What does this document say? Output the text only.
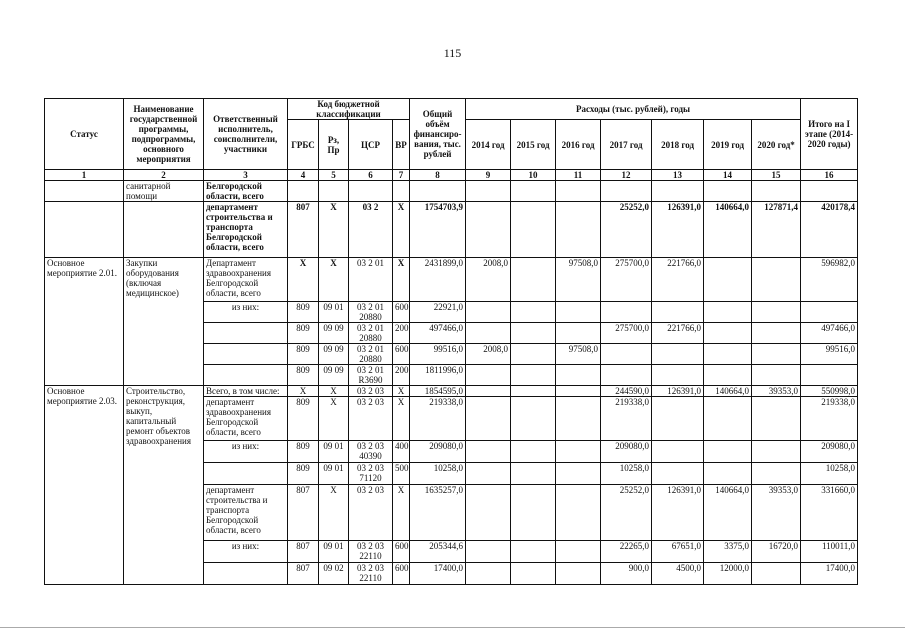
115
Статус	Наименование государственной программы, подпрограммы, основного мероприятия	Ответственный исполнитель, соисполнители, участники	Код бюджетной классификации				Общий объём финансиро-вания, тыс. рублей	Расходы (тыс. рублей), годы							Итого на I этапе (2014-2020 годы)
			ГРБС	Рз, Пр	ЦСР	ВР		2014 год	2015 год	2016 год	2017 год	2018 год	2019 год	2020 год*	
1	2	3	4	5	6	7	8	9	10	11	12	13	14	15	16
	санитарной помощи	Белгородской области, всего													
		департамент строительства и транспорта Белгородской области, всего	807	Х	03 2	Х	1754703,9				25252,0	126391,0	140664,0	127871,4	420178,4
Основное мероприятие 2.01.	Закупки оборудования (включая медицинское)	Департамент здравоохранения Белгородской области, всего	Х	Х	03 2 01	Х	2431899,0	2008,0		97508,0	275700,0	221766,0			596982,0
		из них:	809	09 01	03 2 01 20880	600	22921,0								
			809	09 09	03 2 01 20880	200	497466,0				275700,0	221766,0			497466,0
			809	09 09	03 2 01 20880	600	99516,0	2008,0		97508,0					99516,0
			809	09 09	03 2 01 R3690	200	1811996,0								
Основное мероприятие 2.03.	Строительство, реконструкция, выкуп, капитальный ремонт объектов здравоохранения	Всего, в том числе:	Х	Х	03 2 03	Х	1854595,0				244590,0	126391,0	140664,0	39353,0	550998,0
		департамент здравоохранения Белгородской области, всего	809	Х	03 2 03	Х	219338,0				219338,0				219338,0
		из них:	809	09 01	03 2 03 40390	400	209080,0				209080,0				209080,0
			809	09 01	03 2 03 71120	500	10258,0				10258,0				10258,0
		департамент строительства и транспорта Белгородской области, всего	807	Х	03 2 03	Х	1635257,0				25252,0	126391,0	140664,0	39353,0	331660,0
		из них:	807	09 01	03 2 03 22110	600	205344,6				22265,0	67651,0	3375,0	16720,0	110011,0
			807	09 02	03 2 03 22110	600	17400,0				900,0	4500,0	12000,0		17400,0
